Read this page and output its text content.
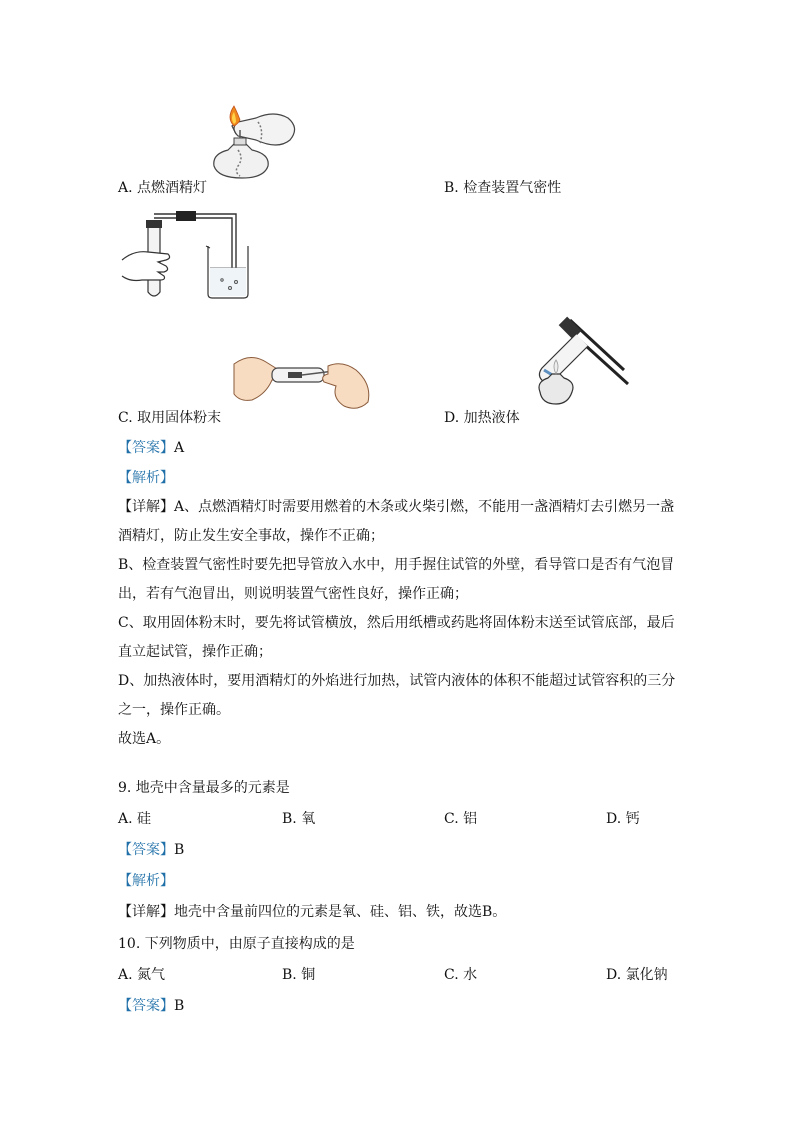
A. 点燃酒精灯	B. 检查装置气密性
C. 取用固体粉末	D. 加热液体
【答案】A
【解析】
【详解】A、点燃酒精灯时需要用燃着的木条或火柴引燃，不能用一盏酒精灯去引燃另一盏
酒精灯，防止发生安全事故，操作不正确；
B、检查装置气密性时要先把导管放入水中，用手握住试管的外壁，看导管口是否有气泡冒
出，若有气泡冒出，则说明装置气密性良好，操作正确；
C、取用固体粉末时，要先将试管横放，然后用纸槽或药匙将固体粉末送至试管底部，最后
直立起试管，操作正确；
D、加热液体时，要用酒精灯的外焰进行加热，试管内液体的体积不能超过试管容积的三分
之一，操作正确。
故选A。
9. 地壳中含量最多的元素是
A. 硅	B. 氧	C. 铝	D. 钙
【答案】B
【解析】
【详解】地壳中含量前四位的元素是氧、硅、铝、铁，故选B。
10. 下列物质中，由原子直接构成的是
A. 氮气	B. 铜	C. 水	D. 氯化钠
【答案】B
